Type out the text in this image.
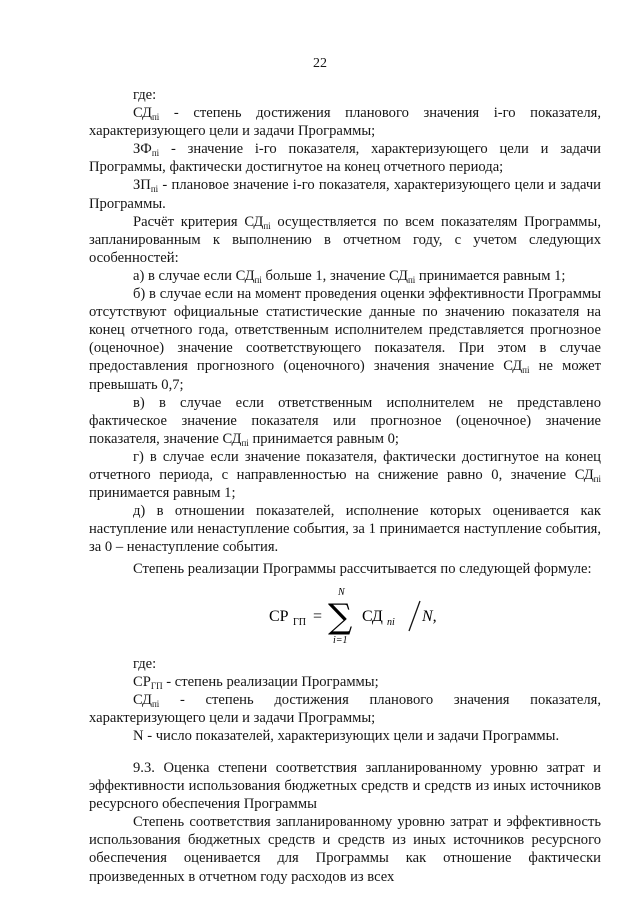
22

где:

$СД_{пi}$ - степень достижения планового значения i-го показателя, характеризующего цели и задачи Программы;

$ЗФ_{пi}$ - значение i-го показателя, характеризующего цели и задачи Программы, фактически достигнутое на конец отчетного периода;

$ЗП_{пi}$ - плановое значение i-го показателя, характеризующего цели и задачи Программы.

Расчёт критерия $СД_{пi}$ осуществляется по всем показателям Программы, запланированным к выполнению в отчетном году, с учетом следующих особенностей:

а) в случае если $СД_{пi}$ больше 1, значение $СД_{пi}$ принимается равным 1;

б) в случае если на момент проведения оценки эффективности Программы отсутствуют официальные статистические данные по значению показателя на конец отчетного года, ответственным исполнителем представляется прогнозное (оценочное) значение соответствующего показателя. При этом в случае предоставления прогнозного (оценочного) значения значение $СД_{пi}$ не может превышать 0,7;

в) в случае если ответственным исполнителем не представлено фактическое значение показателя или прогнозное (оценочное) значение показателя, значение $СД_{пi}$ принимается равным 0;

г) в случае если значение показателя, фактически достигнутое на конец отчетного периода, с направленностью на снижение равно 0, значение $СД_{пi}$ принимается равным 1;

д) в отношении показателей, исполнение которых оценивается как наступление или ненаступление события, за 1 принимается наступление события, за 0 – ненаступление события.

Степень реализации Программы рассчитывается по следующей формуле:

СР ГП =
N
∑
i=1
СД пi N,

где:

$СР_{ГП}$ - степень реализации Программы;

$СД_{пi}$ - степень достижения планового значения показателя, характеризующего цели и задачи Программы;

N - число показателей, характеризующих цели и задачи Программы.

9.3. Оценка степени соответствия запланированному уровню затрат и эффективности использования бюджетных средств и средств из иных источников ресурсного обеспечения Программы

Степень соответствия запланированному уровню затрат и эффективность использования бюджетных средств и средств из иных источников ресурсного обеспечения оценивается для Программы как отношение фактически произведенных в отчетном году расходов из всех
